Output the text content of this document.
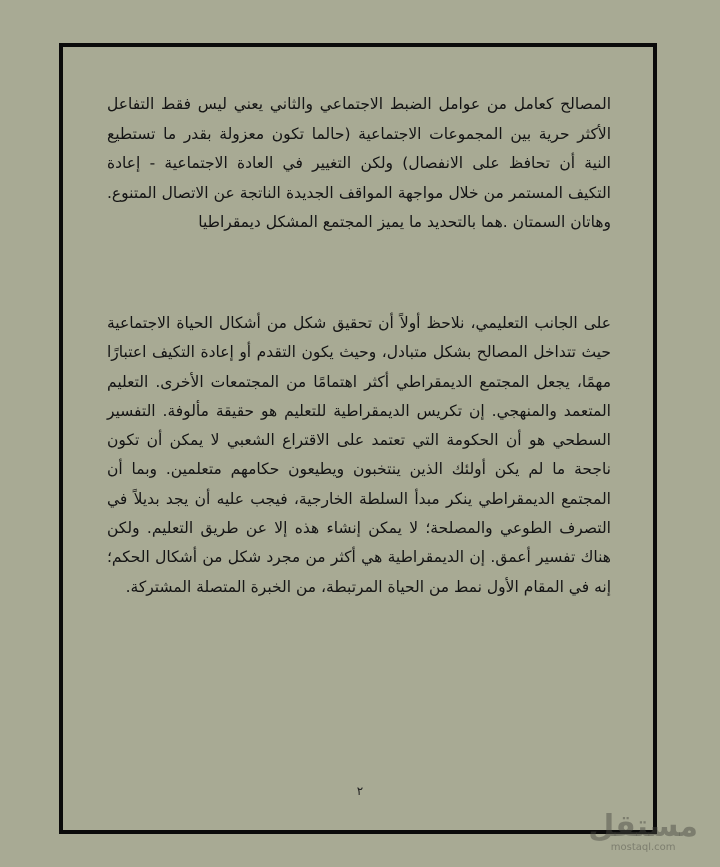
المصالح كعامل من عوامل الضبط الاجتماعي والثاني يعني ليس فقط التفاعل الأكثر حرية بين المجموعات الاجتماعية (حالما تكون معزولة بقدر ما تستطيع النية أن تحافظ على الانفصال) ولكن التغيير في العادة الاجتماعية - إعادة التكيف المستمر من خلال مواجهة المواقف الجديدة الناتجة عن الاتصال المتنوع. وهاتان السمتان .هما بالتحديد ما يميز المجتمع المشكل ديمقراطيا

على الجانب التعليمي، نلاحظ أولاً أن تحقيق شكل من أشكال الحياة الاجتماعية حيث تتداخل المصالح بشكل متبادل، وحيث يكون التقدم أو إعادة التكيف اعتبارًا مهمًا، يجعل المجتمع الديمقراطي أكثر اهتمامًا من المجتمعات الأخرى. التعليم المتعمد والمنهجي. إن تكريس الديمقراطية للتعليم هو حقيقة مألوفة. التفسير السطحي هو أن الحكومة التي تعتمد على الاقتراع الشعبي لا يمكن أن تكون ناجحة ما لم يكن أولئك الذين ينتخبون ويطيعون حكامهم متعلمين. وبما أن المجتمع الديمقراطي ينكر مبدأ السلطة الخارجية، فيجب عليه أن يجد بديلاً في التصرف الطوعي والمصلحة؛ لا يمكن إنشاء هذه إلا عن طريق التعليم. ولكن هناك تفسير أعمق. إن الديمقراطية هي أكثر من مجرد شكل من أشكال الحكم؛ إنه في المقام الأول نمط من الحياة المرتبطة، من الخبرة المتصلة المشتركة.

٢
مستقل
mostaql.com
